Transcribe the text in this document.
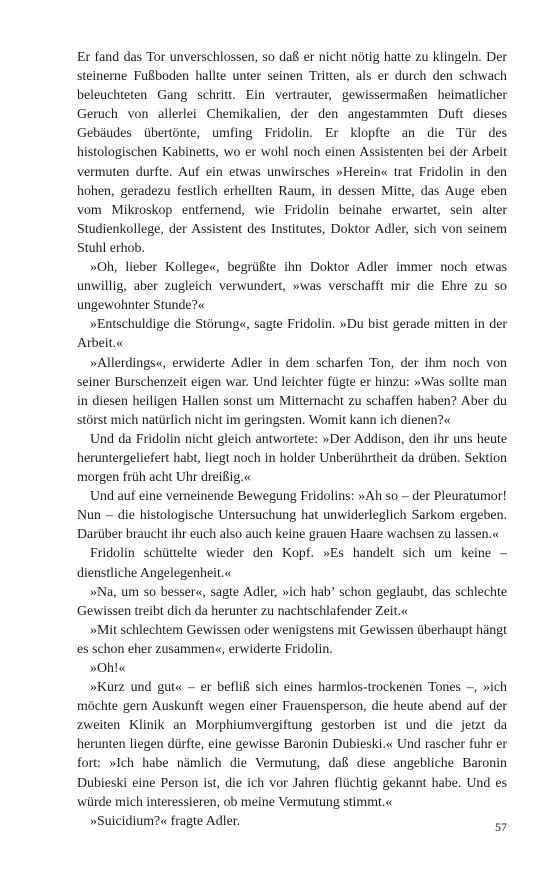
Er fand das Tor unverschlossen, so daß er nicht nötig hatte zu klingeln. Der steinerne Fußboden hallte unter seinen Tritten, als er durch den schwach beleuchteten Gang schritt. Ein vertrauter, gewissermaßen heimatlicher Geruch von allerlei Chemikalien, der den angestammten Duft dieses Gebäudes übertönte, umfing Fridolin. Er klopfte an die Tür des histologischen Kabinetts, wo er wohl noch einen Assistenten bei der Arbeit vermuten durfte. Auf ein etwas unwirsches »Herein« trat Fridolin in den hohen, geradezu festlich erhellten Raum, in dessen Mitte, das Auge eben vom Mikroskop entfernend, wie Fridolin beinahe erwartet, sein alter Studienkollege, der Assistent des Institutes, Doktor Adler, sich von seinem Stuhl erhob.

»Oh, lieber Kollege«, begrüßte ihn Doktor Adler immer noch etwas unwillig, aber zugleich verwundert, »was verschafft mir die Ehre zu so ungewohnter Stunde?«

»Entschuldige die Störung«, sagte Fridolin. »Du bist gerade mitten in der Arbeit.«

»Allerdings«, erwiderte Adler in dem scharfen Ton, der ihm noch von seiner Burschenzeit eigen war. Und leichter fügte er hinzu: »Was sollte man in diesen heiligen Hallen sonst um Mitternacht zu schaffen haben? Aber du störst mich natürlich nicht im geringsten. Womit kann ich dienen?«

Und da Fridolin nicht gleich antwortete: »Der Addison, den ihr uns heute heruntergeliefert habt, liegt noch in holder Unberührtheit da drüben. Sektion morgen früh acht Uhr dreißig.«

Und auf eine verneinende Bewegung Fridolins: »Ah so – der Pleuratumor! Nun – die histologische Untersuchung hat unwiderleglich Sarkom ergeben. Darüber braucht ihr euch also auch keine grauen Haare wachsen zu lassen.«

Fridolin schüttelte wieder den Kopf. »Es handelt sich um keine – dienstliche Angelegenheit.«

»Na, um so besser«, sagte Adler, »ich hab’ schon geglaubt, das schlechte Gewissen treibt dich da herunter zu nachtschlafender Zeit.«

»Mit schlechtem Gewissen oder wenigstens mit Gewissen überhaupt hängt es schon eher zusammen«, erwiderte Fridolin.

»Oh!«

»Kurz und gut« – er befliß sich eines harmlos-trockenen Tones –, »ich möchte gern Auskunft wegen einer Frauensperson, die heute abend auf der zweiten Klinik an Morphiumvergiftung gestorben ist und die jetzt da herunten liegen dürfte, eine gewisse Baronin Dubieski.« Und rascher fuhr er fort: »Ich habe nämlich die Vermutung, daß diese angebliche Baronin Dubieski eine Person ist, die ich vor Jahren flüchtig gekannt habe. Und es würde mich interessieren, ob meine Vermutung stimmt.«

»Suicidium?« fragte Adler.	57
